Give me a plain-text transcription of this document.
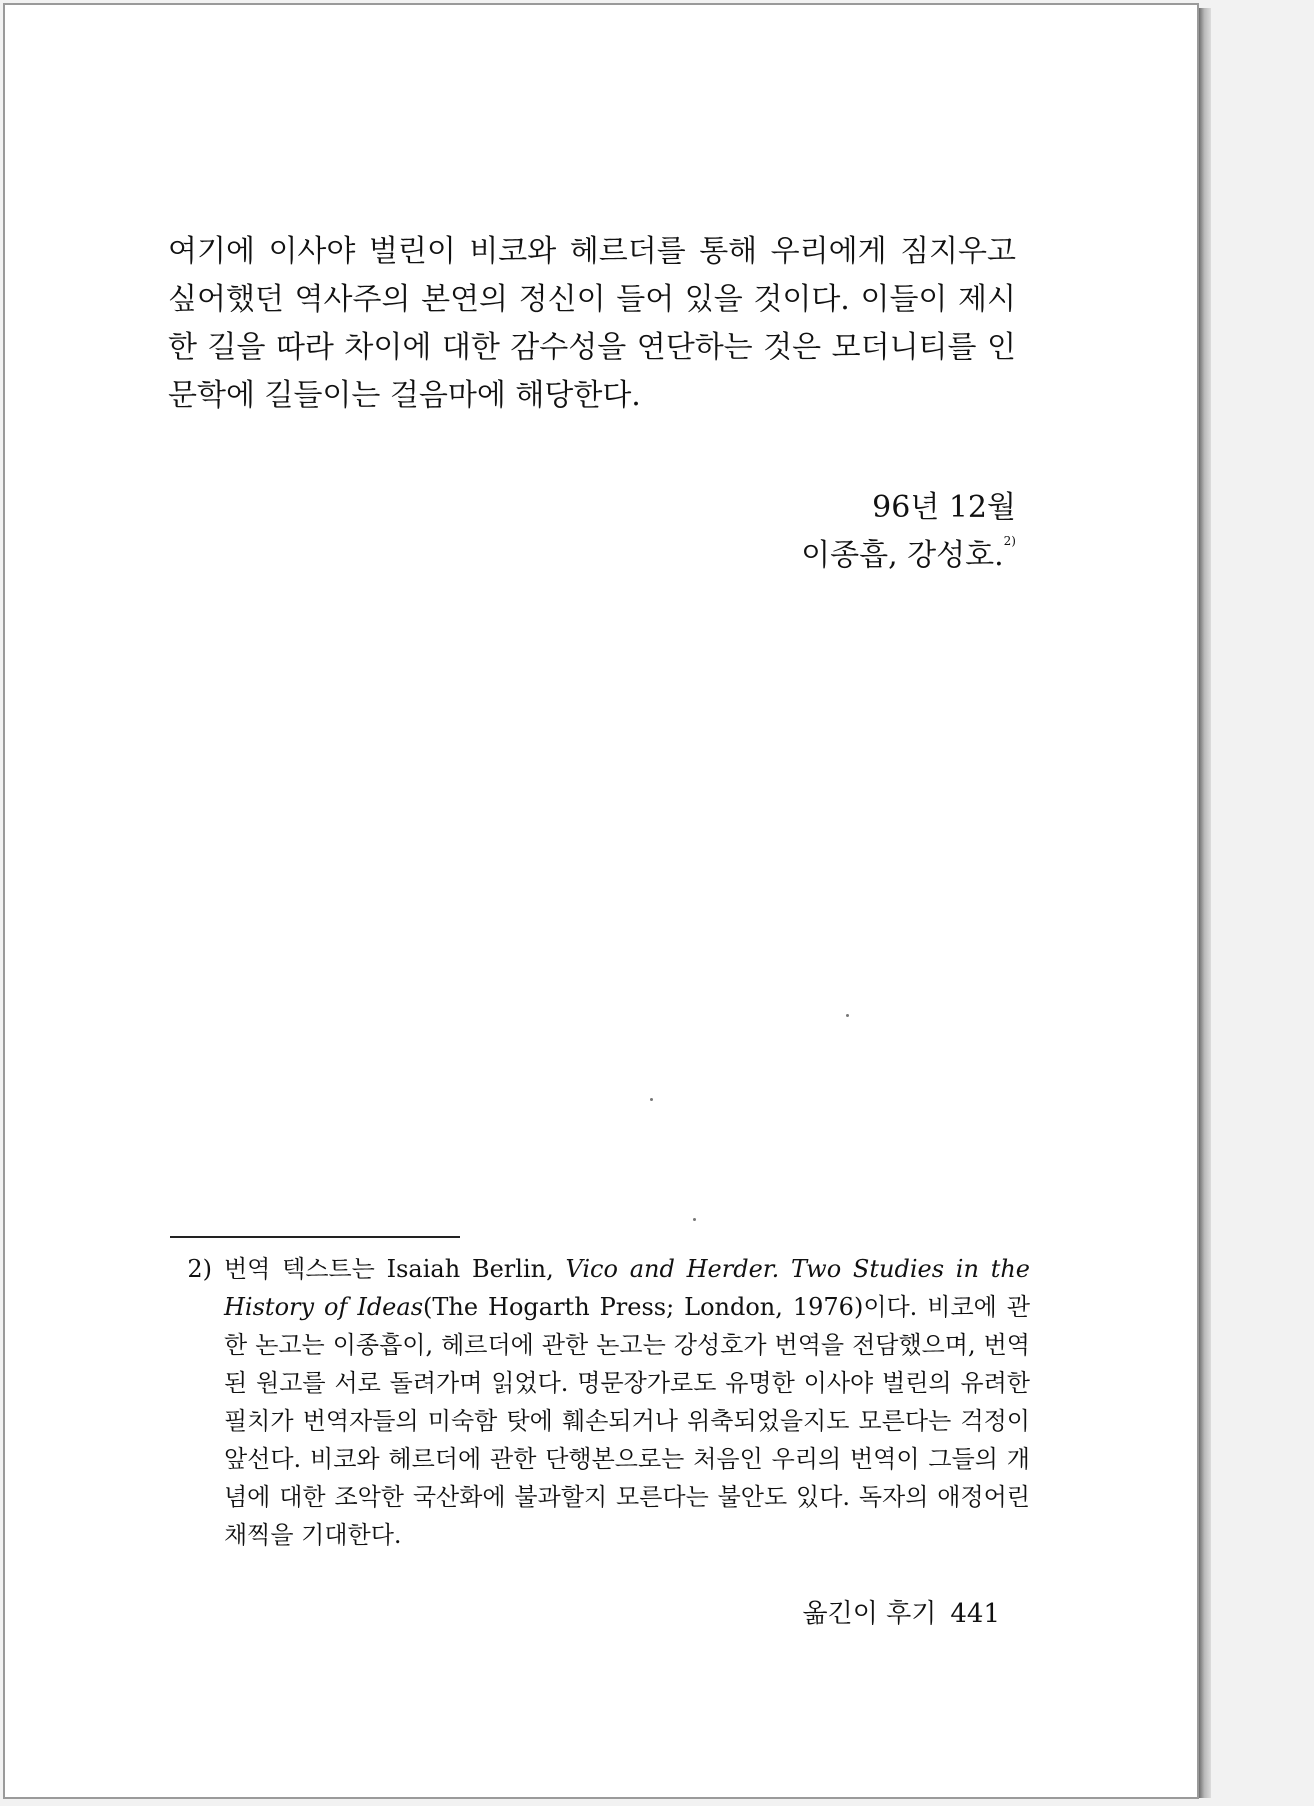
여기에 이사야 벌린이 비코와 헤르더를 통해 우리에게 짐지우고 싶어했던 역사주의 본연의 정신이 들어 있을 것이다. 이들이 제시한 길을 따라 차이에 대한 감수성을 연단하는 것은 모더니티를 인문학에 길들이는 걸음마에 해당한다.

96년 12월
이종흡, 강성호.$^{2)}$

2) 번역 텍스트는 Isaiah Berlin, Vico and Herder. Two Studies in the History of Ideas(The Hogarth Press; London, 1976)이다. 비코에 관한 논고는 이종흡이, 헤르더에 관한 논고는 강성호가 번역을 전담했으며, 번역된 원고를 서로 돌려가며 읽었다. 명문장가로도 유명한 이사야 벌린의 유려한 필치가 번역자들의 미숙함 탓에 훼손되거나 위축되었을지도 모른다는 걱정이 앞선다. 비코와 헤르더에 관한 단행본으로는 처음인 우리의 번역이 그들의 개념에 대한 조악한 국산화에 불과할지 모른다는 불안도 있다. 독자의 애정어린 채찍을 기대한다.

옮긴이 후기 441
